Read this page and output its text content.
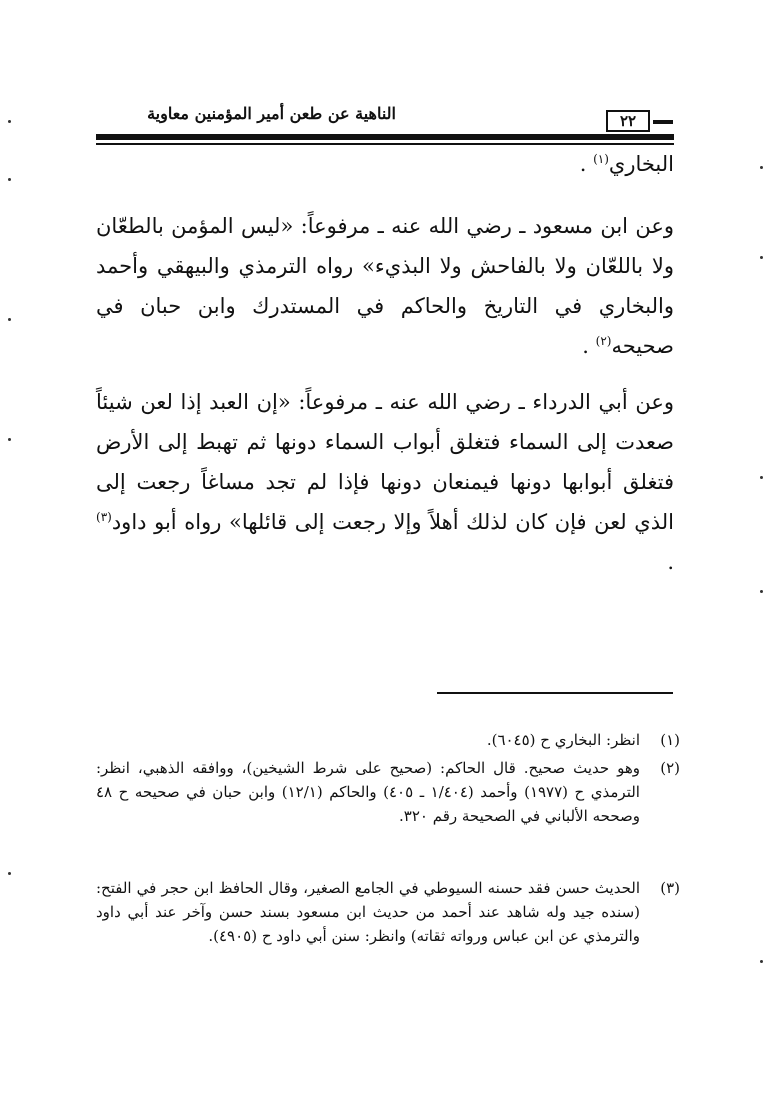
الناهية عن طعن أمير المؤمنين معاوية	٢٢
البخاري$^{(١)}$ .
وعن ابن مسعود ـ رضي الله عنه ـ مرفوعاً: «ليس المؤمن بالطعّان ولا باللعّان ولا بالفاحش ولا البذيء» رواه الترمذي والبيهقي وأحمد والبخاري في التاريخ والحاكم في المستدرك وابن حبان في صحيحه$^{(٢)}$ .
وعن أبي الدرداء ـ رضي الله عنه ـ مرفوعاً: «إن العبد إذا لعن شيئاً صعدت إلى السماء فتغلق أبواب السماء دونها ثم تهبط إلى الأرض فتغلق أبوابها دونها فيمنعان دونها فإذا لم تجد مساغاً رجعت إلى الذي لعن فإن كان لذلك أهلاً وإلا رجعت إلى قائلها» رواه أبو داود$^{(٣)}$ .
(١)
انظر: البخاري ح (٦٠٤٥).
(٢)
وهو حديث صحيح. قال الحاكم: (صحيح على شرط الشيخين)، ووافقه الذهبي، انظر: الترمذي ح (١٩٧٧) وأحمد (١/٤٠٤ ـ ٤٠٥) والحاكم (١٢/١) وابن حبان في صحيحه ح ٤٨ وصححه الألباني في الصحيحة رقم ٣٢٠.
(٣)
الحديث حسن فقد حسنه السيوطي في الجامع الصغير، وقال الحافظ ابن حجر في الفتح: (سنده جيد وله شاهد عند أحمد من حديث ابن مسعود بسند حسن وآخر عند أبي داود والترمذي عن ابن عباس ورواته ثقاته) وانظر: سنن أبي داود ح (٤٩٠٥).
